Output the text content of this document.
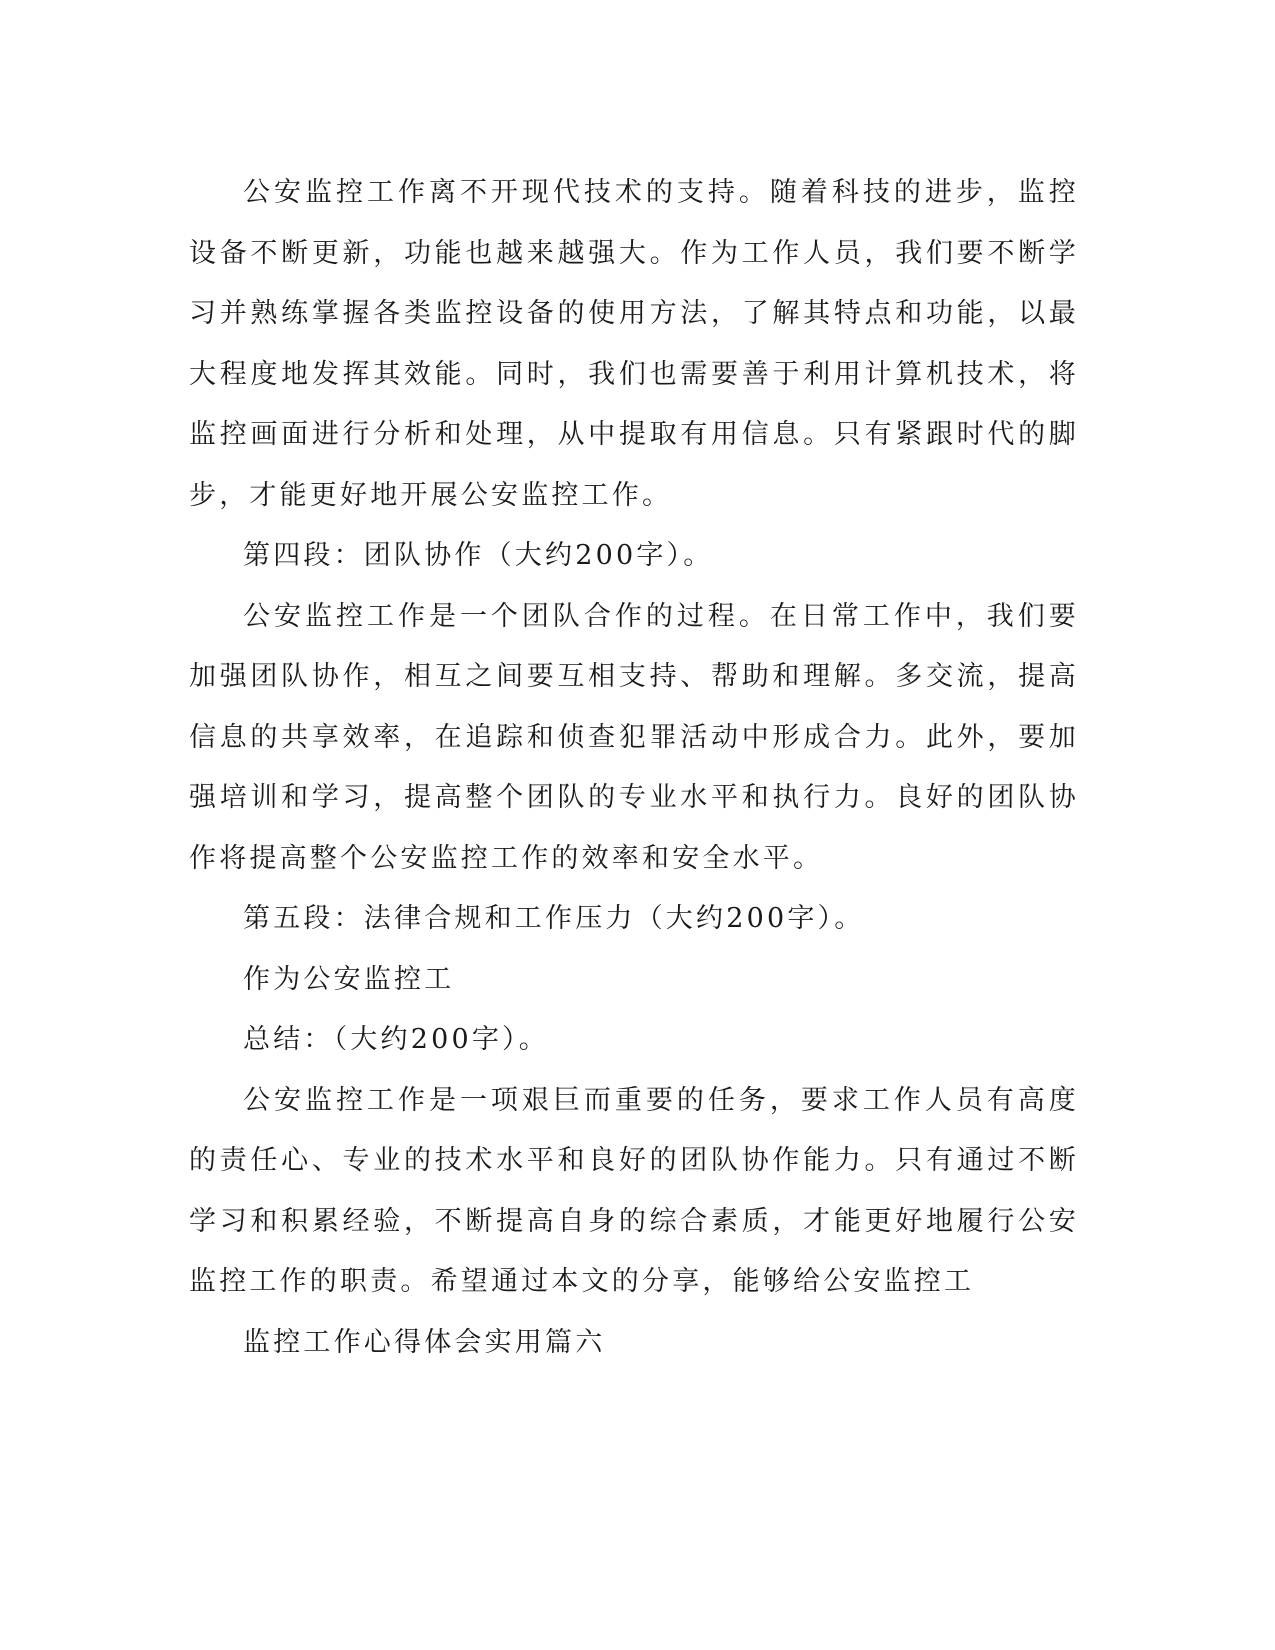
公安监控工作离不开现代技术的支持。随着科技的进步，监控设备不断更新，功能也越来越强大。作为工作人员，我们要不断学习并熟练掌握各类监控设备的使用方法，了解其特点和功能，以最大程度地发挥其效能。同时，我们也需要善于利用计算机技术，将监控画面进行分析和处理，从中提取有用信息。只有紧跟时代的脚步，才能更好地开展公安监控工作。

第四段：团队协作（大约200字）。

公安监控工作是一个团队合作的过程。在日常工作中，我们要加强团队协作，相互之间要互相支持、帮助和理解。多交流，提高信息的共享效率，在追踪和侦查犯罪活动中形成合力。此外，要加强培训和学习，提高整个团队的专业水平和执行力。良好的团队协作将提高整个公安监控工作的效率和安全水平。

第五段：法律合规和工作压力（大约200字）。

作为公安监控工

总结：（大约200字）。

公安监控工作是一项艰巨而重要的任务，要求工作人员有高度的责任心、专业的技术水平和良好的团队协作能力。只有通过不断学习和积累经验，不断提高自身的综合素质，才能更好地履行公安监控工作的职责。希望通过本文的分享，能够给公安监控工

监控工作心得体会实用篇六
